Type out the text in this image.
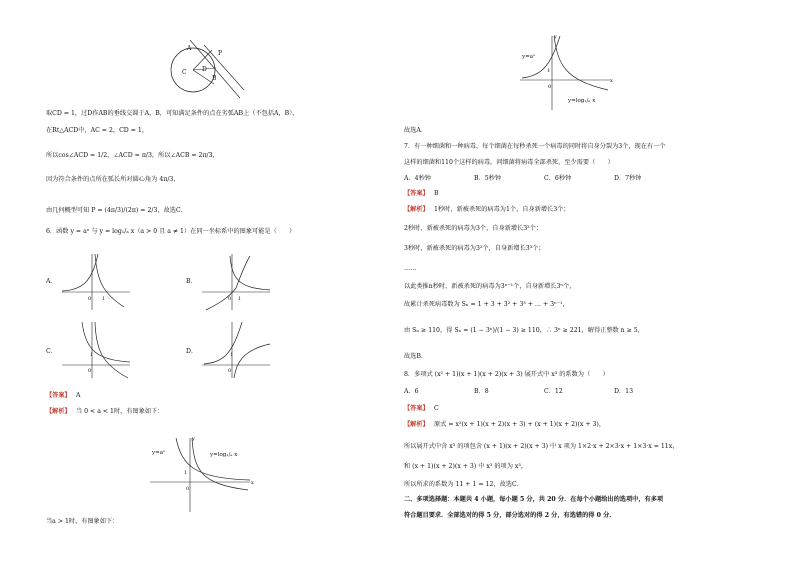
A
C	D
B
P
取CD = 1，过D作AB的垂线交圆于A，B，可知满足条件的点在劣弧AB上（不包括A，B），
在Rt△ACD中，AC = 2，CD = 1，
所以cos∠ACD = 1/2，∠ACD = π/3，所以∠ACB = 2π/3，
因为符合条件的点所在弧长所对圆心角为 4π/3，
由几何概型可知 P = (4π/3)/(2π) = 2/3，故选C．
6．函数 y = aˣ 与 y = log₁/ₐ x（a > 0 且 a ≠ 1）在同一坐标系中的图象可能是（　　）
A．	B．
C．	D．
0 1	0 1
0
1
0
1
【答案】 A
【解析】 当 0 < a < 1时，有图象如下：
y=aˣ	y=log₁/ₐ x
0
1
y
x
当a > 1时，有图象如下：
y=aˣ
y=log₁/ₐ x
0
1
y
x
故选A．
7．有一种细菌和一种病毒，每个细菌在每秒杀死一个病毒的同时将自身分裂为3个，现在有一个
这样的细菌和110个这样的病毒，问细菌将病毒全部杀死，至少需要（　　）
A．4秒钟	B．5秒钟	C．6秒钟	D．7秒钟
【答案】 B
【解析】 1秒时，新被杀死的病毒为1个，自身新增长3个；
2秒时，新被杀死的病毒为3个，自身新增长3²个；
3秒时，新被杀死的病毒为3²个，自身新增长3³个；
……
以此类推n秒时，新被杀死的病毒为3ⁿ⁻¹个，自身新增长3ⁿ个，
故累计杀死病毒数为 Sₙ = 1 + 3 + 3² + 3³ + … + 3ⁿ⁻¹，
由 Sₙ ≥ 110，得 Sₙ = (1 − 3ⁿ)/(1 − 3) ≥ 110，∴ 3ⁿ ≥ 221，解得正整数 n ≥ 5，
故选B．
8．多项式 (x² + 1)(x + 1)(x + 2)(x + 3) 展开式中 x³ 的系数为（　　）
A．6	B．8	C．12	D．13
【答案】 C
【解析】 原式 = x²(x + 1)(x + 2)(x + 3) + (x + 1)(x + 2)(x + 3)，
所以展开式中含 x³ 的项包含 (x + 1)(x + 2)(x + 3) 中 x 项为 1×2·x + 2×3·x + 1×3·x = 11x，
和 (x + 1)(x + 2)(x + 3) 中 x³ 的项为 x³，
所以所求的系数为 11 + 1 = 12，故选C．
二、多项选择题：本题共 4 小题，每小题 5 分，共 20 分．在每个小题给出的选项中，有多项
符合题目要求．全部选对的得 5 分，部分选对的得 2 分，有选错的得 0 分．
